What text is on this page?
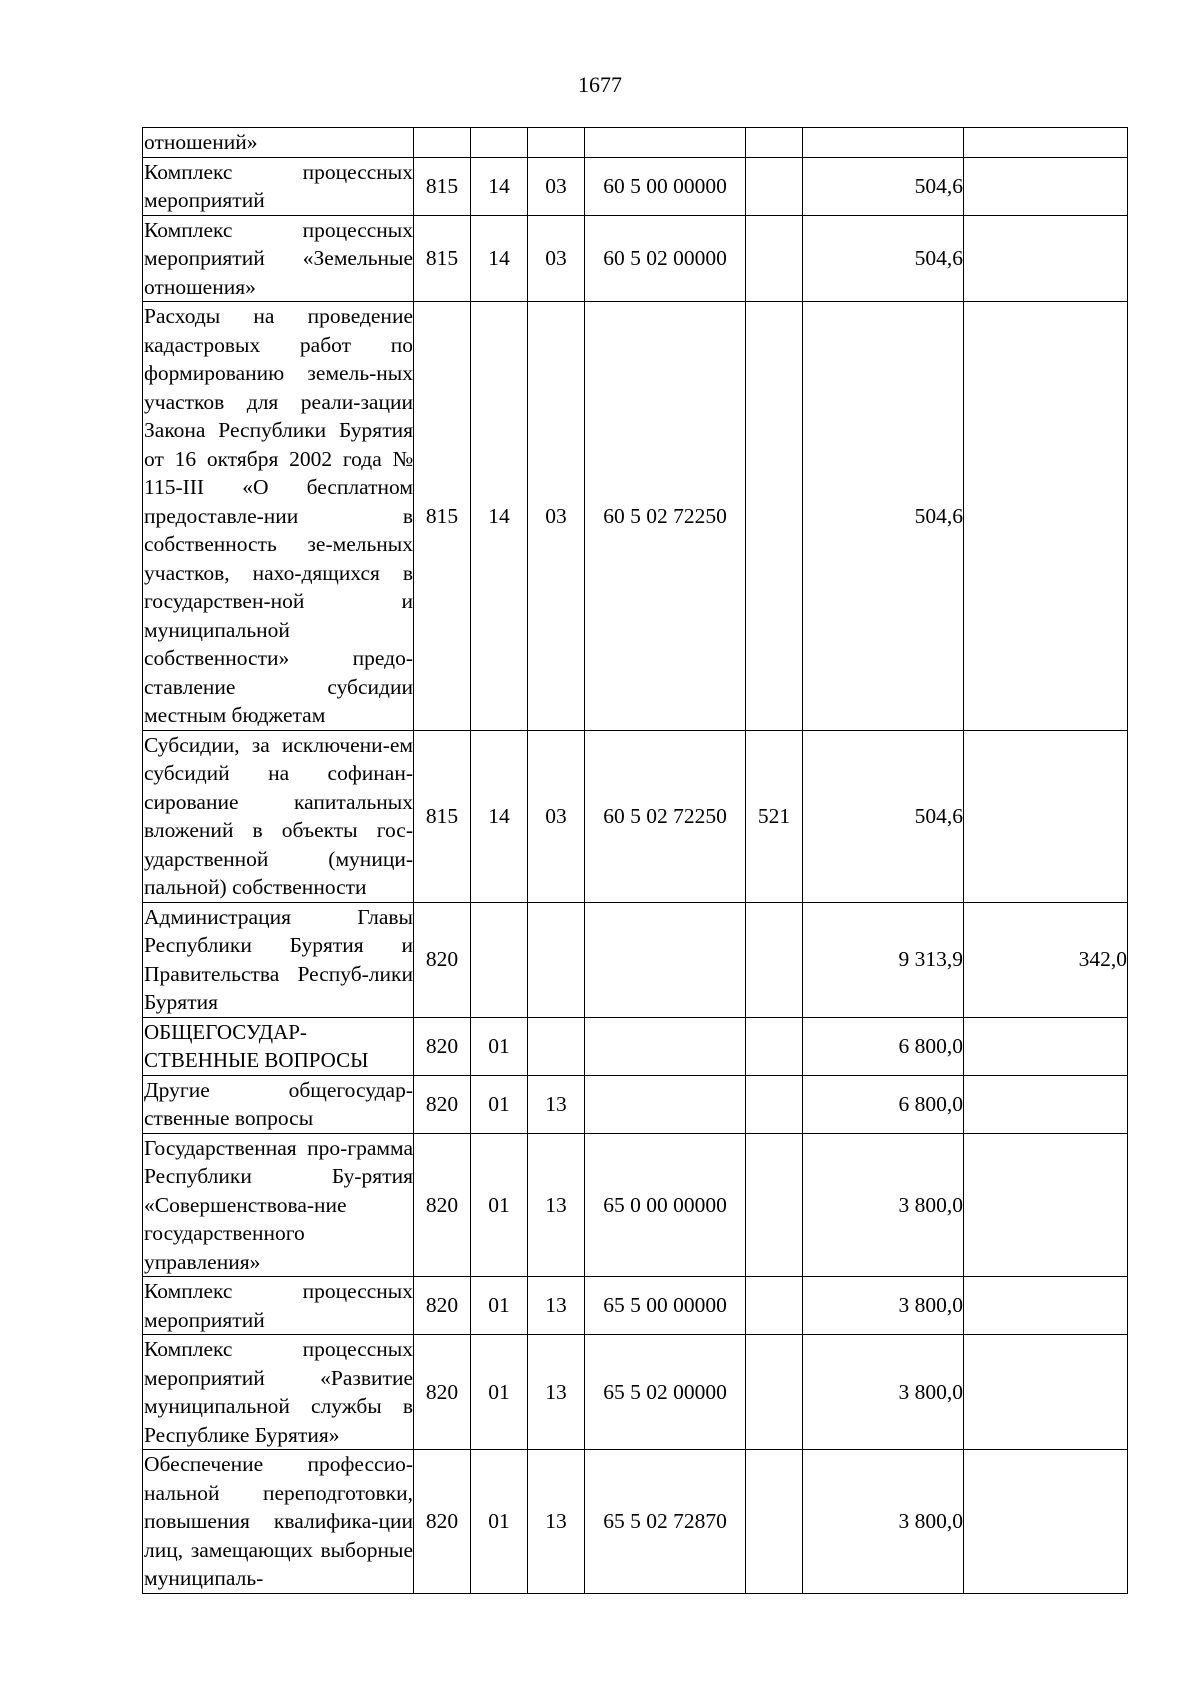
1677
отношений»							
Комплекс процессных мероприятий	815	14	03	60 5 00 00000		504,6	
Комплекс процессных мероприятий «Земельные отношения»	815	14	03	60 5 02 00000		504,6	
Расходы на проведение кадастровых работ по формированию земель-ных участков для реали-зации Закона Республики Бурятия от 16 октября 2002 года № 115-III «О бесплатном предоставле-нии в собственность зе-мельных участков, нахо-дящихся в государствен-ной и муниципальной собственности» предо-ставление субсидии местным бюджетам	815	14	03	60 5 02 72250		504,6	
Субсидии, за исключени-ем субсидий на софинан-сирование капитальных вложений в объекты гос-ударственной (муници-пальной) собственности	815	14	03	60 5 02 72250	521	504,6	
Администрация Главы Республики Бурятия и Правительства Респуб-лики Бурятия	820					9 313,9	342,0
ОБЩЕГОСУДАР-СТВЕННЫЕ ВОПРОСЫ	820	01				6 800,0	
Другие общегосудар-ственные вопросы	820	01	13			6 800,0	
Государственная про-грамма Республики Бу-рятия «Совершенствова-ние государственного управления»	820	01	13	65 0 00 00000		3 800,0	
Комплекс процессных мероприятий	820	01	13	65 5 00 00000		3 800,0	
Комплекс процессных мероприятий «Развитие муниципальной службы в Республике Бурятия»	820	01	13	65 5 02 00000		3 800,0	
Обеспечение профессио-нальной переподготовки, повышения квалифика-ции лиц, замещающих выборные муниципаль-	820	01	13	65 5 02 72870		3 800,0	
